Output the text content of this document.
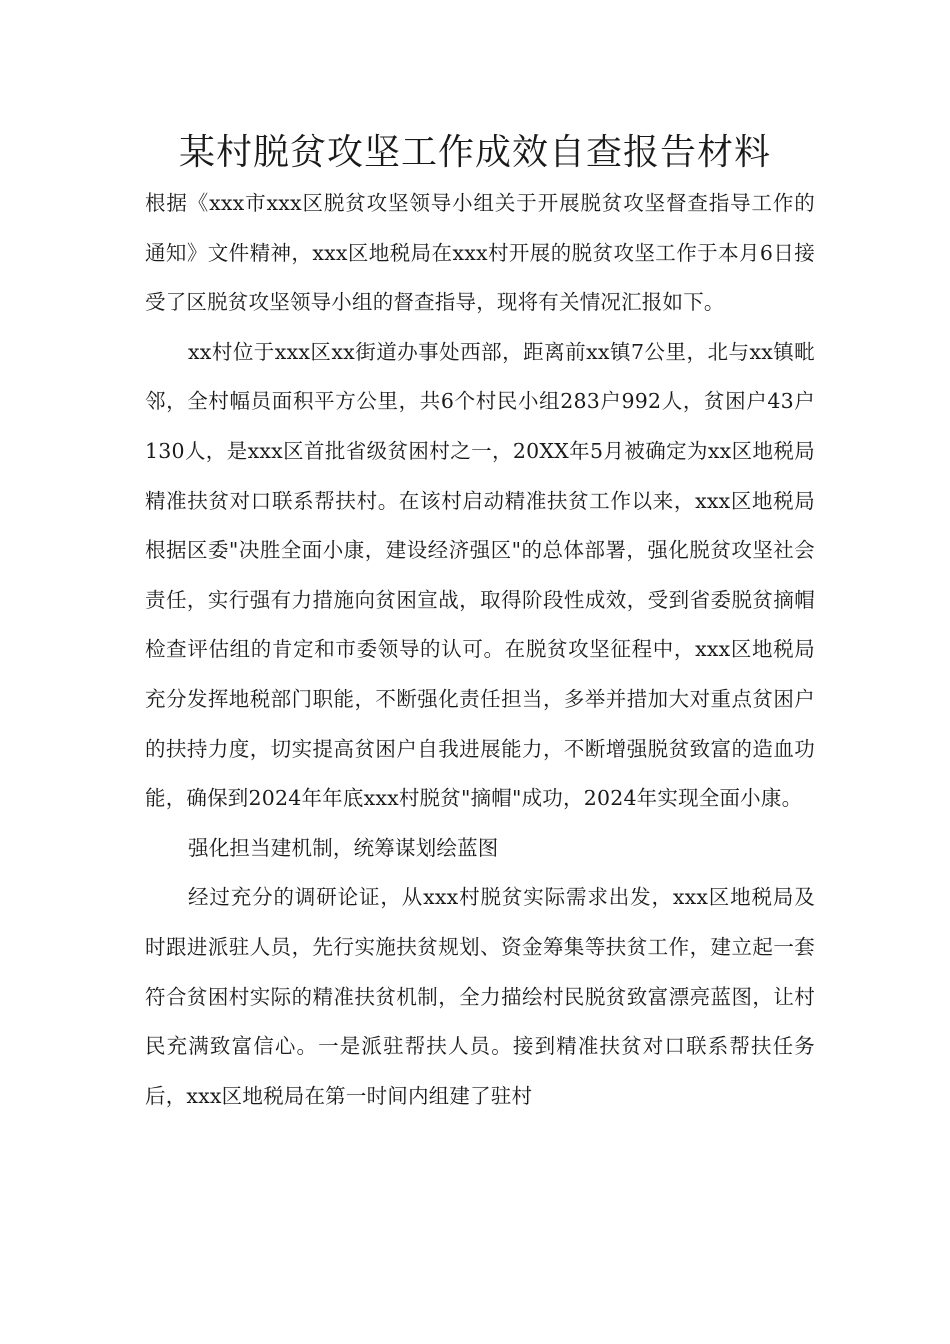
某村脱贫攻坚工作成效自查报告材料

根据《xxx市xxx区脱贫攻坚领导小组关于开展脱贫攻坚督查指导工作的通知》文件精神，xxx区地税局在xxx村开展的脱贫攻坚工作于本月6日接受了区脱贫攻坚领导小组的督查指导，现将有关情况汇报如下。

xx村位于xxx区xx街道办事处西部，距离前xx镇7公里，北与xx镇毗邻，全村幅员面积平方公里，共6个村民小组283户992人，贫困户43户130人，是xxx区首批省级贫困村之一，20XX年5月被确定为xx区地税局精准扶贫对口联系帮扶村。在该村启动精准扶贫工作以来，xxx区地税局根据区委"决胜全面小康，建设经济强区"的总体部署，强化脱贫攻坚社会责任，实行强有力措施向贫困宣战，取得阶段性成效，受到省委脱贫摘帽检查评估组的肯定和市委领导的认可。在脱贫攻坚征程中，xxx区地税局充分发挥地税部门职能，不断强化责任担当，多举并措加大对重点贫困户的扶持力度，切实提高贫困户自我进展能力，不断增强脱贫致富的造血功能，确保到2024年年底xxx村脱贫"摘帽"成功，2024年实现全面小康。

强化担当建机制，统筹谋划绘蓝图

经过充分的调研论证，从xxx村脱贫实际需求出发，xxx区地税局及时跟进派驻人员，先行实施扶贫规划、资金筹集等扶贫工作，建立起一套符合贫困村实际的精准扶贫机制，全力描绘村民脱贫致富漂亮蓝图，让村民充满致富信心。一是派驻帮扶人员。接到精准扶贫对口联系帮扶任务后，xxx区地税局在第一时间内组建了驻村
